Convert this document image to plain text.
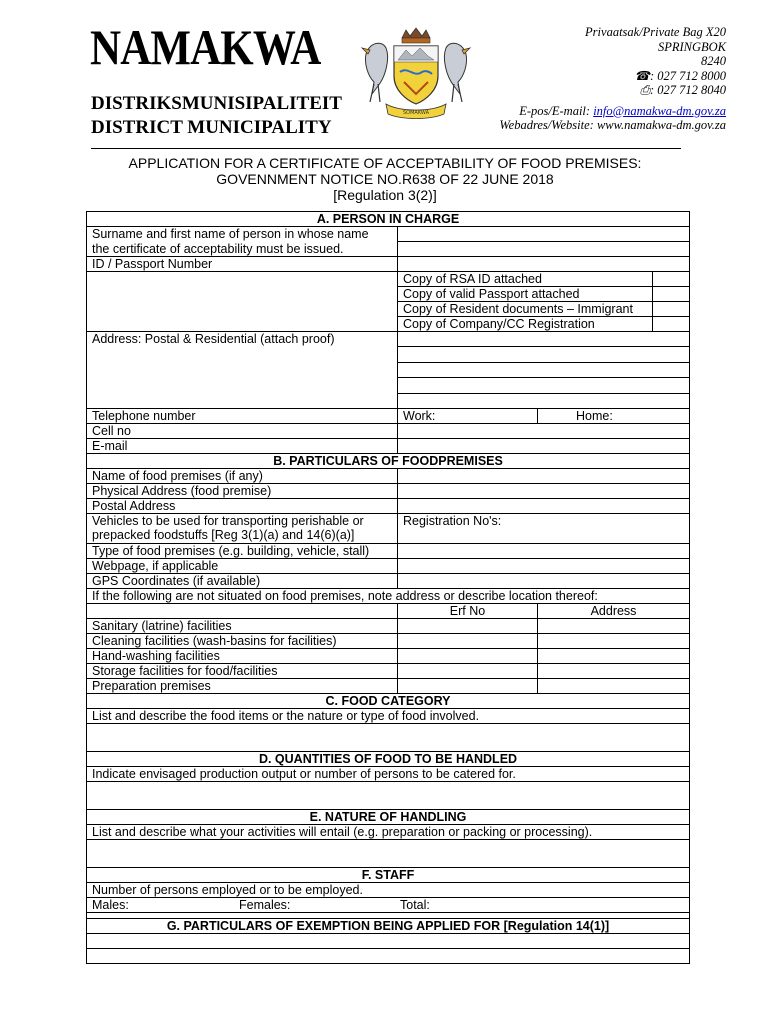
NAMAKWA
DISTRIKSMUNISIPALITEIT
DISTRICT MUNICIPALITY
SOMAKWA
Privaatsak/Private Bag X20
SPRINGBOK
8240
☎: 027 712 8000
⎙: 027 712 8040
E-pos/E-mail: info@namakwa-dm.gov.za
Webadres/Website: www.namakwa-dm.gov.za
APPLICATION FOR A CERTIFICATE OF ACCEPTABILITY OF FOOD PREMISES:
GOVENNMENT NOTICE NO.R638 OF 22 JUNE 2018
[Regulation 3(2)]
A. PERSON IN CHARGE			
Surname and first name of person in whose name			
the certificate of acceptability must be issued.			
ID / Passport Number			
	Copy of RSA ID attached		
	Copy of valid Passport attached		
	Copy of Resident documents – Immigrant		
	Copy of Company/CC Registration		
Address: Postal & Residential (attach proof)			

Telephone number	Work:	Home:	
Cell no			
E-mail			
B. PARTICULARS OF FOODPREMISES			
Name of food premises (if any)			
Physical Address (food premise)			
Postal Address			

Vehicles to be used for transporting perishable or
prepacked foodstuffs [Reg 3(1)(a) and 14(6)(a)]	Registration No's:		
Type of food premises (e.g. building, vehicle, stall)			
Webpage, if applicable			
GPS Coordinates (if available)			
If the following are not situated on food premises, note address or describe location thereof:			
	Erf No	Address	
Sanitary (latrine) facilities			
Cleaning facilities (wash-basins for facilities)			
Hand-washing facilities			
Storage facilities for food/facilities			
Preparation premises			
C. FOOD CATEGORY			
List and describe the food items or the nature or type of food involved.			

D. QUANTITIES OF FOOD TO BE HANDLED			
Indicate envisaged production output or number of persons to be catered for.			

E. NATURE OF HANDLING			
List and describe what your activities will entail (e.g. preparation or packing or processing).			

F. STAFF			
Number of persons employed or to be employed.			
Males: Females: Total:			

G. PARTICULARS OF EXEMPTION BEING APPLIED FOR [Regulation 14(1)]			
